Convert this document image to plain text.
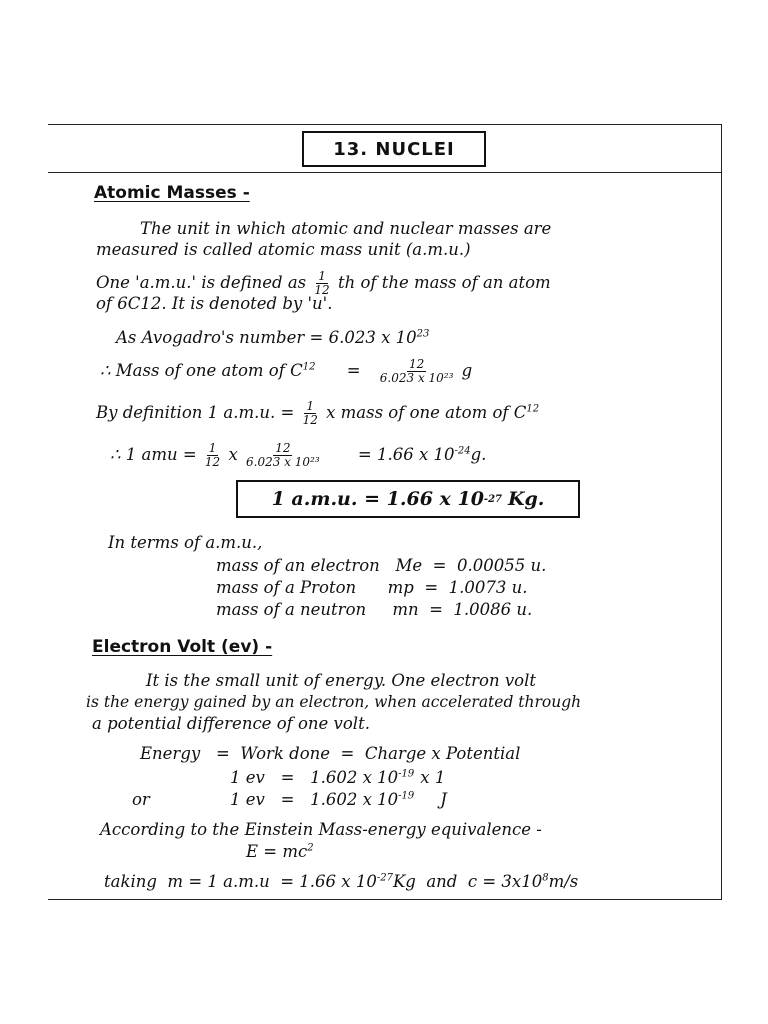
13. NUCLEI
Atomic Masses -
The unit in which atomic and nuclear masses are
measured is called atomic mass unit (a.m.u.)
One 'a.m.u.' is defined as $\frac{1}{12}$ th of the mass of an atom
of 6C12. It is denoted by 'u'.
As Avogadro's number = 6.023 x $10^{23}$
∴ Mass of one atom of $C^{12} = \frac{12}{\text{6.023 x 10²³}}$ g
By definition 1 a.m.u. = $\frac{1}{12}$ x mass of one atom of $C^{12}$
∴ 1 amu = $\frac{1}{12}$ x $\frac{12}{\text{6.023 x 10²³}} = 1.66$ x $10^{-24}g$.
1 a.m.u. = 1.66 x 10 -27 Kg.
In terms of a.m.u.,
mass of an electron   Me  =  0.00055 u.
mass of a Proton      mp  =  1.0073 u.
mass of a neutron     mn  =  1.0086 u.
Electron Volt (ev) -
It is the small unit of energy. One electron volt
is the energy gained by an electron, when accelerated through
a potential difference of one volt.
Energy   =  Work done  =  Charge x Potential
1 ev   =   1.602 x $10^{-19}$ x 1
or	1 ev   =   1.602 x $10^{-19}$ J
According to the Einstein Mass-energy equivalence -
$E = mc^2$
taking  m = 1 a.m.u  = 1.66 x $10^{-27}Kg$  and  $c = 3x10^8m/s$
